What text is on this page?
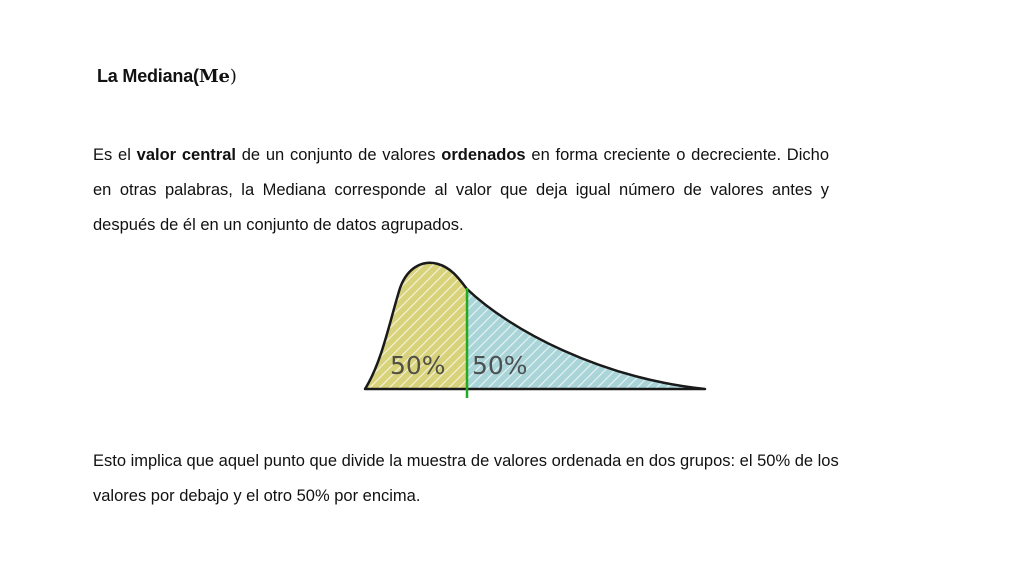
La Mediana(Me)

Es el valor central de un conjunto de valores ordenados en forma creciente o decreciente. Dicho en otras palabras, la Mediana corresponde al valor que deja igual número de valores antes y después de él en un conjunto de datos agrupados.

50% 50%

Esto implica que aquel punto que divide la muestra de valores ordenada en dos grupos: el 50% de los valores por debajo y el otro 50% por encima.
